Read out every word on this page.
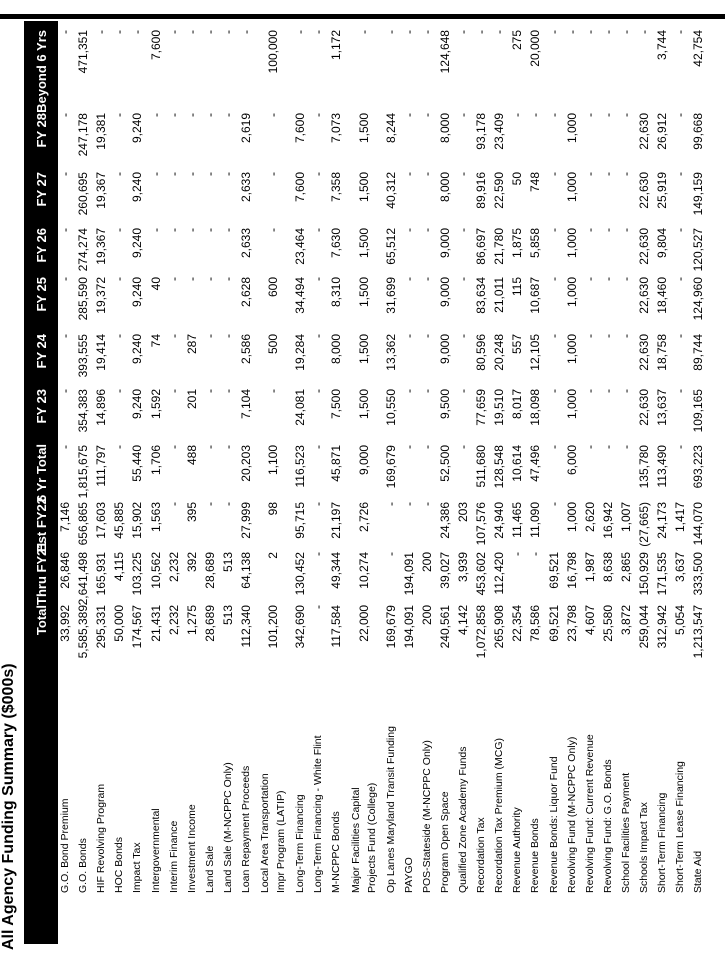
All Agency Funding Summary ($000s)
Total
Thru FY21
Est FY22
6 Yr Total
FY 23
FY 24
FY 25
FY 26
FY 27
FY 28
Beyond 6 Yrs
G.O. Bond Premium
33,992
26,846
7,146
-
-
-
-
-
-
-
-
G.O. Bonds
5,585,389
2,641,498
656,865
1,815,675
354,383
393,555
285,590
274,274
260,695
247,178
471,351
HIF Revolving Program
295,331
165,931
17,603
111,797
14,896
19,414
19,372
19,367
19,367
19,381
-
HOC Bonds
50,000
4,115
45,885
-
-
-
-
-
-
-
-
Impact Tax
174,567
103,225
15,902
55,440
9,240
9,240
9,240
9,240
9,240
9,240
-
Intergovernmental
21,431
10,562
1,563
1,706
1,592
74
40
-
-
-
7,600
Interim Finance
2,232
2,232
-
-
-
-
-
-
-
-
-
Investment Income
1,275
392
395
488
201
287
-
-
-
-
-
Land Sale
28,689
28,689
-
-
-
-
-
-
-
-
-
Land Sale (M-NCPPC Only)
513
513
-
-
-
-
-
-
-
-
-
Loan Repayment Proceeds
112,340
64,138
27,999
20,203
7,104
2,586
2,628
2,633
2,633
2,619
-
Local Area Transportation Impr Program (LATIP)
101,200
2
98
1,100
-
500
600
-
-
-
100,000
Long-Term Financing
342,690
130,452
95,715
116,523
24,081
19,284
34,494
23,464
7,600
7,600
-
Long-Term Financing - White Flint
-
-
-
-
-
-
-
-
-
-
-
M-NCPPC Bonds
117,584
49,344
21,197
45,871
7,500
8,000
8,310
7,630
7,358
7,073
1,172
Major Facilities Capital Projects Fund (College)
22,000
10,274
2,726
9,000
1,500
1,500
1,500
1,500
1,500
1,500
-
Op Lanes Maryland Transit Funding
169,679
-
-
169,679
10,550
13,362
31,699
65,512
40,312
8,244
-
PAYGO
194,091
194,091
-
-
-
-
-
-
-
-
-
POS-Stateside (M-NCPPC Only)
200
200
-
-
-
-
-
-
-
-
-
Program Open Space
240,561
39,027
24,386
52,500
9,500
9,000
9,000
9,000
8,000
8,000
124,648
Qualified Zone Academy Funds
4,142
3,939
203
-
-
-
-
-
-
-
-
Recordation Tax
1,072,858
453,602
107,576
511,680
77,659
80,596
83,634
86,697
89,916
93,178
-
Recordation Tax Premium (MCG)
265,908
112,420
24,940
128,548
19,510
20,248
21,011
21,780
22,590
23,409
-
Revenue Authority
22,354
-
11,465
10,614
8,017
557
115
1,875
50
-
275
Revenue Bonds
78,586
-
11,090
47,496
18,098
12,105
10,687
5,858
748
-
20,000
Revenue Bonds: Liquor Fund
69,521
69,521
-
-
-
-
-
-
-
-
-
Revolving Fund (M-NCPPC Only)
23,798
16,798
1,000
6,000
1,000
1,000
1,000
1,000
1,000
1,000
-
Revolving Fund: Current Revenue
4,607
1,987
2,620
-
-
-
-
-
-
-
-
Revolving Fund: G.O. Bonds
25,580
8,638
16,942
-
-
-
-
-
-
-
-
School Facilities Payment
3,872
2,865
1,007
-
-
-
-
-
-
-
-
Schools Impact Tax
259,044
150,929
(27,665)
135,780
22,630
22,630
22,630
22,630
22,630
22,630
-
Short-Term Financing
312,942
171,535
24,173
113,490
13,637
18,758
18,460
9,804
25,919
26,912
3,744
Short-Term Lease Financing
5,054
3,637
1,417
-
-
-
-
-
-
-
-
State Aid
1,213,547
333,500
144,070
693,223
109,165
89,744
124,960
120,527
149,159
99,668
42,754
